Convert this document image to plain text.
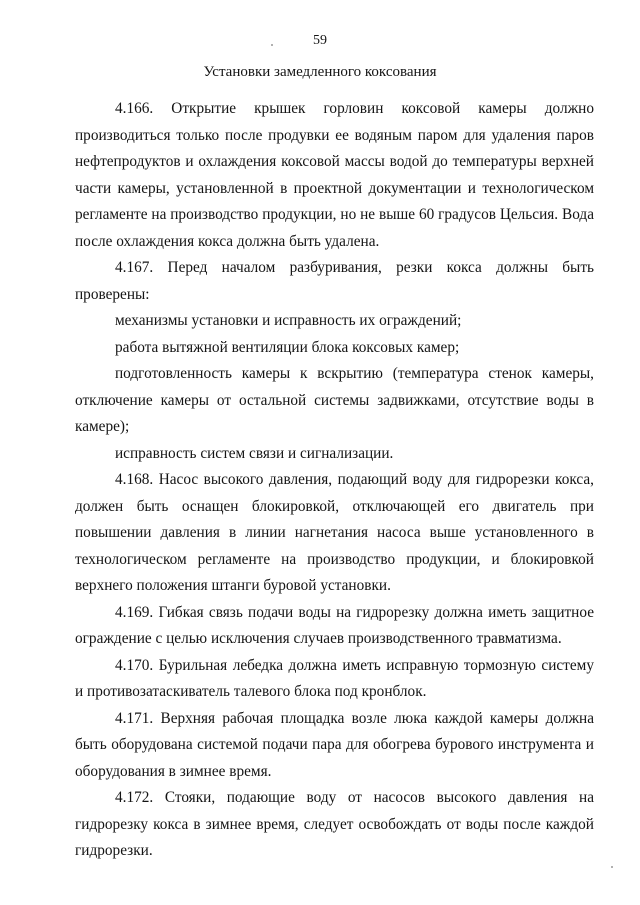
59
Установки замедленного коксования

4.166. Открытие крышек горловин коксовой камеры должно производиться только после продувки ее водяным паром для удаления паров нефтепродуктов и охлаждения коксовой массы водой до температуры верхней части камеры, установленной в проектной документации и технологическом регламенте на производство продукции, но не выше 60 градусов Цельсия. Вода после охлаждения кокса должна быть удалена.

4.167. Перед началом разбуривания, резки кокса должны быть проверены:

механизмы установки и исправность их ограждений;

работа вытяжной вентиляции блока коксовых камер;

подготовленность камеры к вскрытию (температура стенок камеры, отключение камеры от остальной системы задвижками, отсутствие воды в камере);

исправность систем связи и сигнализации.

4.168. Насос высокого давления, подающий воду для гидрорезки кокса, должен быть оснащен блокировкой, отключающей его двигатель при повышении давления в линии нагнетания насоса выше установленного в технологическом регламенте на производство продукции, и блокировкой верхнего положения штанги буровой установки.

4.169. Гибкая связь подачи воды на гидрорезку должна иметь защитное ограждение с целью исключения случаев производственного травматизма.

4.170. Бурильная лебедка должна иметь исправную тормозную систему и противозатаскиватель талевого блока под кронблок.

4.171. Верхняя рабочая площадка возле люка каждой камеры должна быть оборудована системой подачи пара для обогрева бурового инструмента и оборудования в зимнее время.

4.172. Стояки, подающие воду от насосов высокого давления на гидрорезку кокса в зимнее время, следует освобождать от воды после каждой гидрорезки.
